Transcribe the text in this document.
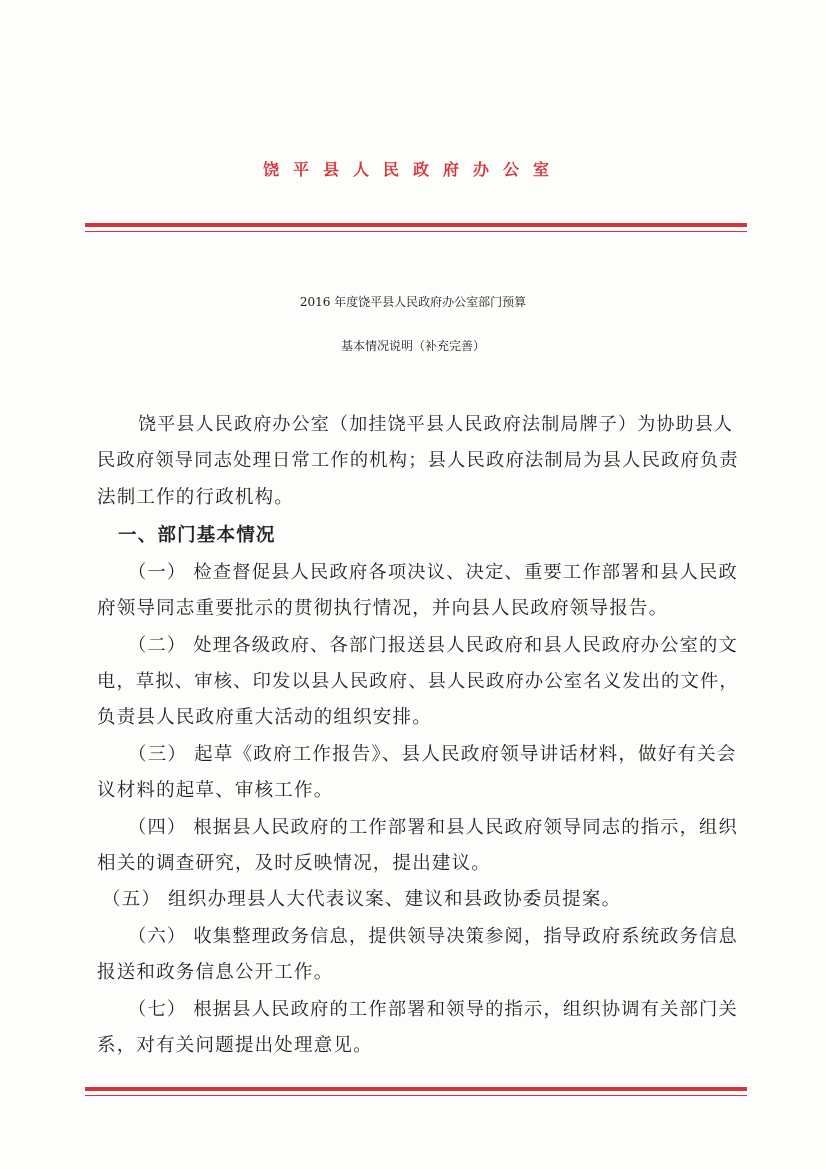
饶平县人民政府办公室
2016 年度饶平县人民政府办公室部门预算
基本情况说明（补充完善）
饶平县人民政府办公室（加挂饶平县人民政府法制局牌子）为协助县人
民政府领导同志处理日常工作的机构；县人民政府法制局为县人民政府负责
法制工作的行政机构。
一、部门基本情况
（一） 检查督促县人民政府各项决议、决定、重要工作部署和县人民政
府领导同志重要批示的贯彻执行情况，并向县人民政府领导报告。
（二） 处理各级政府、各部门报送县人民政府和县人民政府办公室的文
电，草拟、审核、印发以县人民政府、县人民政府办公室名义发出的文件，
负责县人民政府重大活动的组织安排。
（三） 起草《政府工作报告》、县人民政府领导讲话材料，做好有关会
议材料的起草、审核工作。
（四） 根据县人民政府的工作部署和县人民政府领导同志的指示，组织
相关的调查研究，及时反映情况，提出建议。
（五） 组织办理县人大代表议案、建议和县政协委员提案。
（六） 收集整理政务信息，提供领导决策参阅，指导政府系统政务信息
报送和政务信息公开工作。
（七） 根据县人民政府的工作部署和领导的指示，组织协调有关部门关
系，对有关问题提出处理意见。
